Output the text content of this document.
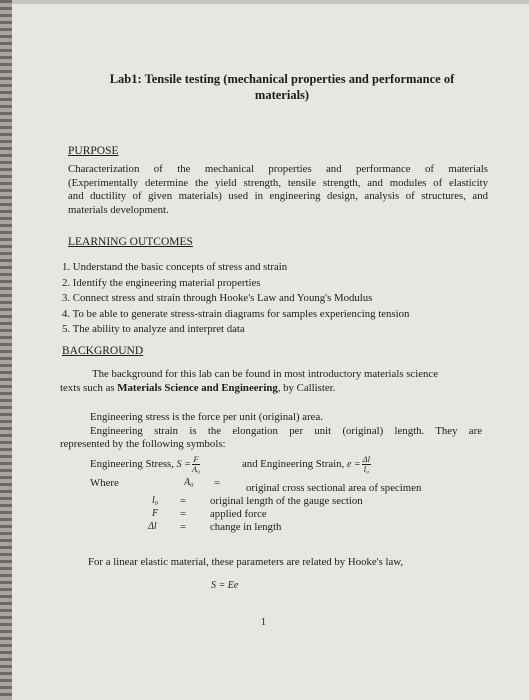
Lab1: Tensile testing (mechanical properties and performance of
materials)
PURPOSE
Characterization of the mechanical properties and performance of materials
(Experimentally determine the yield strength, tensile strength, and modules of elasticity
and ductility of given materials) used in engineering design, analysis of structures, and
materials development.
LEARNING OUTCOMES
1. Understand the basic concepts of stress and strain
2. Identify the engineering material properties
3. Connect stress and strain through Hooke's Law and Young's Modulus
4. To be able to generate stress-strain diagrams for samples experiencing tension
5. The ability to analyze and interpret data
BACKGROUND
The background for this lab can be found in most introductory materials science
texts such as Materials Science and Engineering, by Callister.
Engineering stress is the force per unit (original) area.
Engineering strain is the elongation per unit (original) length. They are
represented by the following symbols:
Engineering Stress, $S = \frac{F}{\text{A₀}}$	and Engineering Strain, $e = \frac{\Delta l}{\text{l₀}}$
Where	A₀ = original cross sectional area of specimen
l₀ = original length of the gauge section
F = applied force
Δl = change in length
For a linear elastic material, these parameters are related by Hooke's law,
S = Ee
1
